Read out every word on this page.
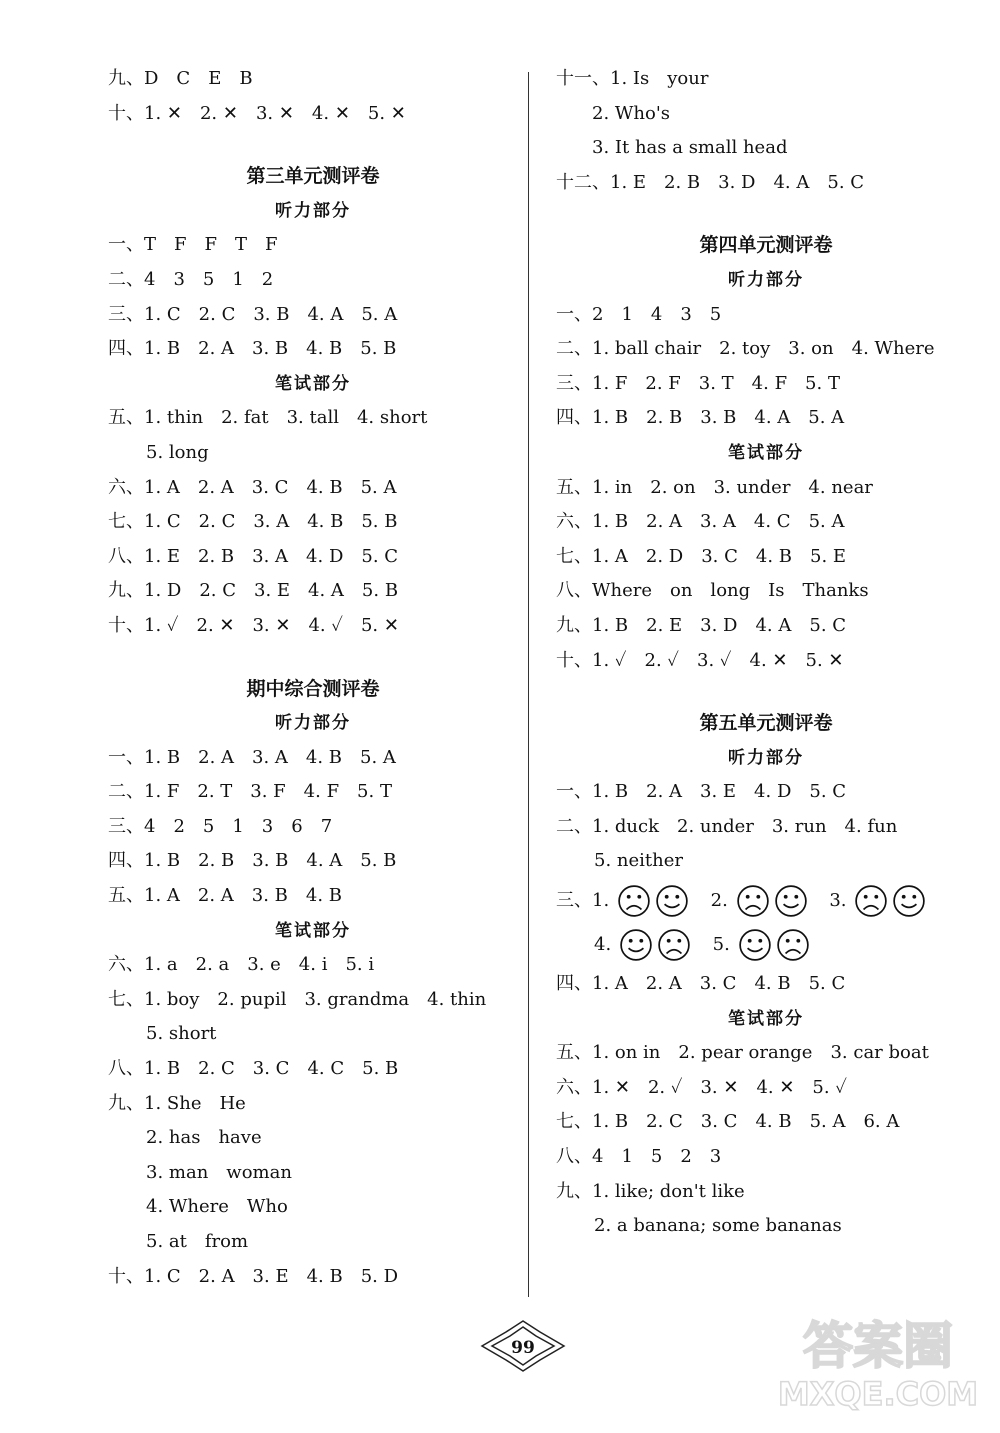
九、D　C　E　B
十、1. ✕　2. ✕　3. ✕　4. ✕　5. ✕
第三单元测评卷
听力部分
一、T　F　F　T　F
二、4　3　5　1　2
三、1. C　2. C　3. B　4. A　5. A
四、1. B　2. A　3. B　4. B　5. B
笔试部分
五、1. thin　2. fat　3. tall　4. short
5. long
六、1. A　2. A　3. C　4. B　5. A
七、1. C　2. C　3. A　4. B　5. B
八、1. E　2. B　3. A　4. D　5. C
九、1. D　2. C　3. E　4. A　5. B
十、1. ✓　2. ✕　3. ✕　4. ✓　5. ✕
期中综合测评卷
听力部分
一、1. B　2. A　3. A　4. B　5. A
二、1. F　2. T　3. F　4. F　5. T
三、4　2　5　1　3　6　7
四、1. B　2. B　3. B　4. A　5. B
五、1. A　2. A　3. B　4. B
笔试部分
六、1. a　2. a　3. e　4. i　5. i
七、1. boy　2. pupil　3. grandma　4. thin
5. short
八、1. B　2. C　3. C　4. C　5. B
九、1. She　He
2. has　have
3. man　woman
4. Where　Who
5. at　from
十、1. C　2. A　3. E　4. B　5. D
十一、1. Is　your
　　2. Who's
　　3. It has a small head
十二、1. E　2. B　3. D　4. A　5. C
第四单元测评卷
听力部分
一、2　1　4　3　5
二、1. ball chair　2. toy　3. on　4. Where
三、1. F　2. F　3. T　4. F　5. T
四、1. B　2. B　3. B　4. A　5. A
笔试部分
五、1. in　2. on　3. under　4. near
六、1. B　2. A　3. A　4. C　5. A
七、1. A　2. D　3. C　4. B　5. E
八、Where　on　long　Is　Thanks
九、1. B　2. E　3. D　4. A　5. C
十、1. ✓　2. ✓　3. ✓　4. ✕　5. ✕
第五单元测评卷
听力部分
一、1. B　2. A　3. E　4. D　5. C
二、1. duck　2. under　3. run　4. fun
5. neither
三、1.	2.	3.
4.	5.
四、1. A　2. A　3. C　4. B　5. C
笔试部分
五、1. on in　2. pear orange　3. car boat
六、1. ✕　2. ✓　3. ✕　4. ✕　5. ✓
七、1. B　2. C　3. C　4. B　5. A　6. A
八、4　1　5　2　3
九、1. like; don't like
2. a banana; some bananas
99	答案圈
MXQE.COM
